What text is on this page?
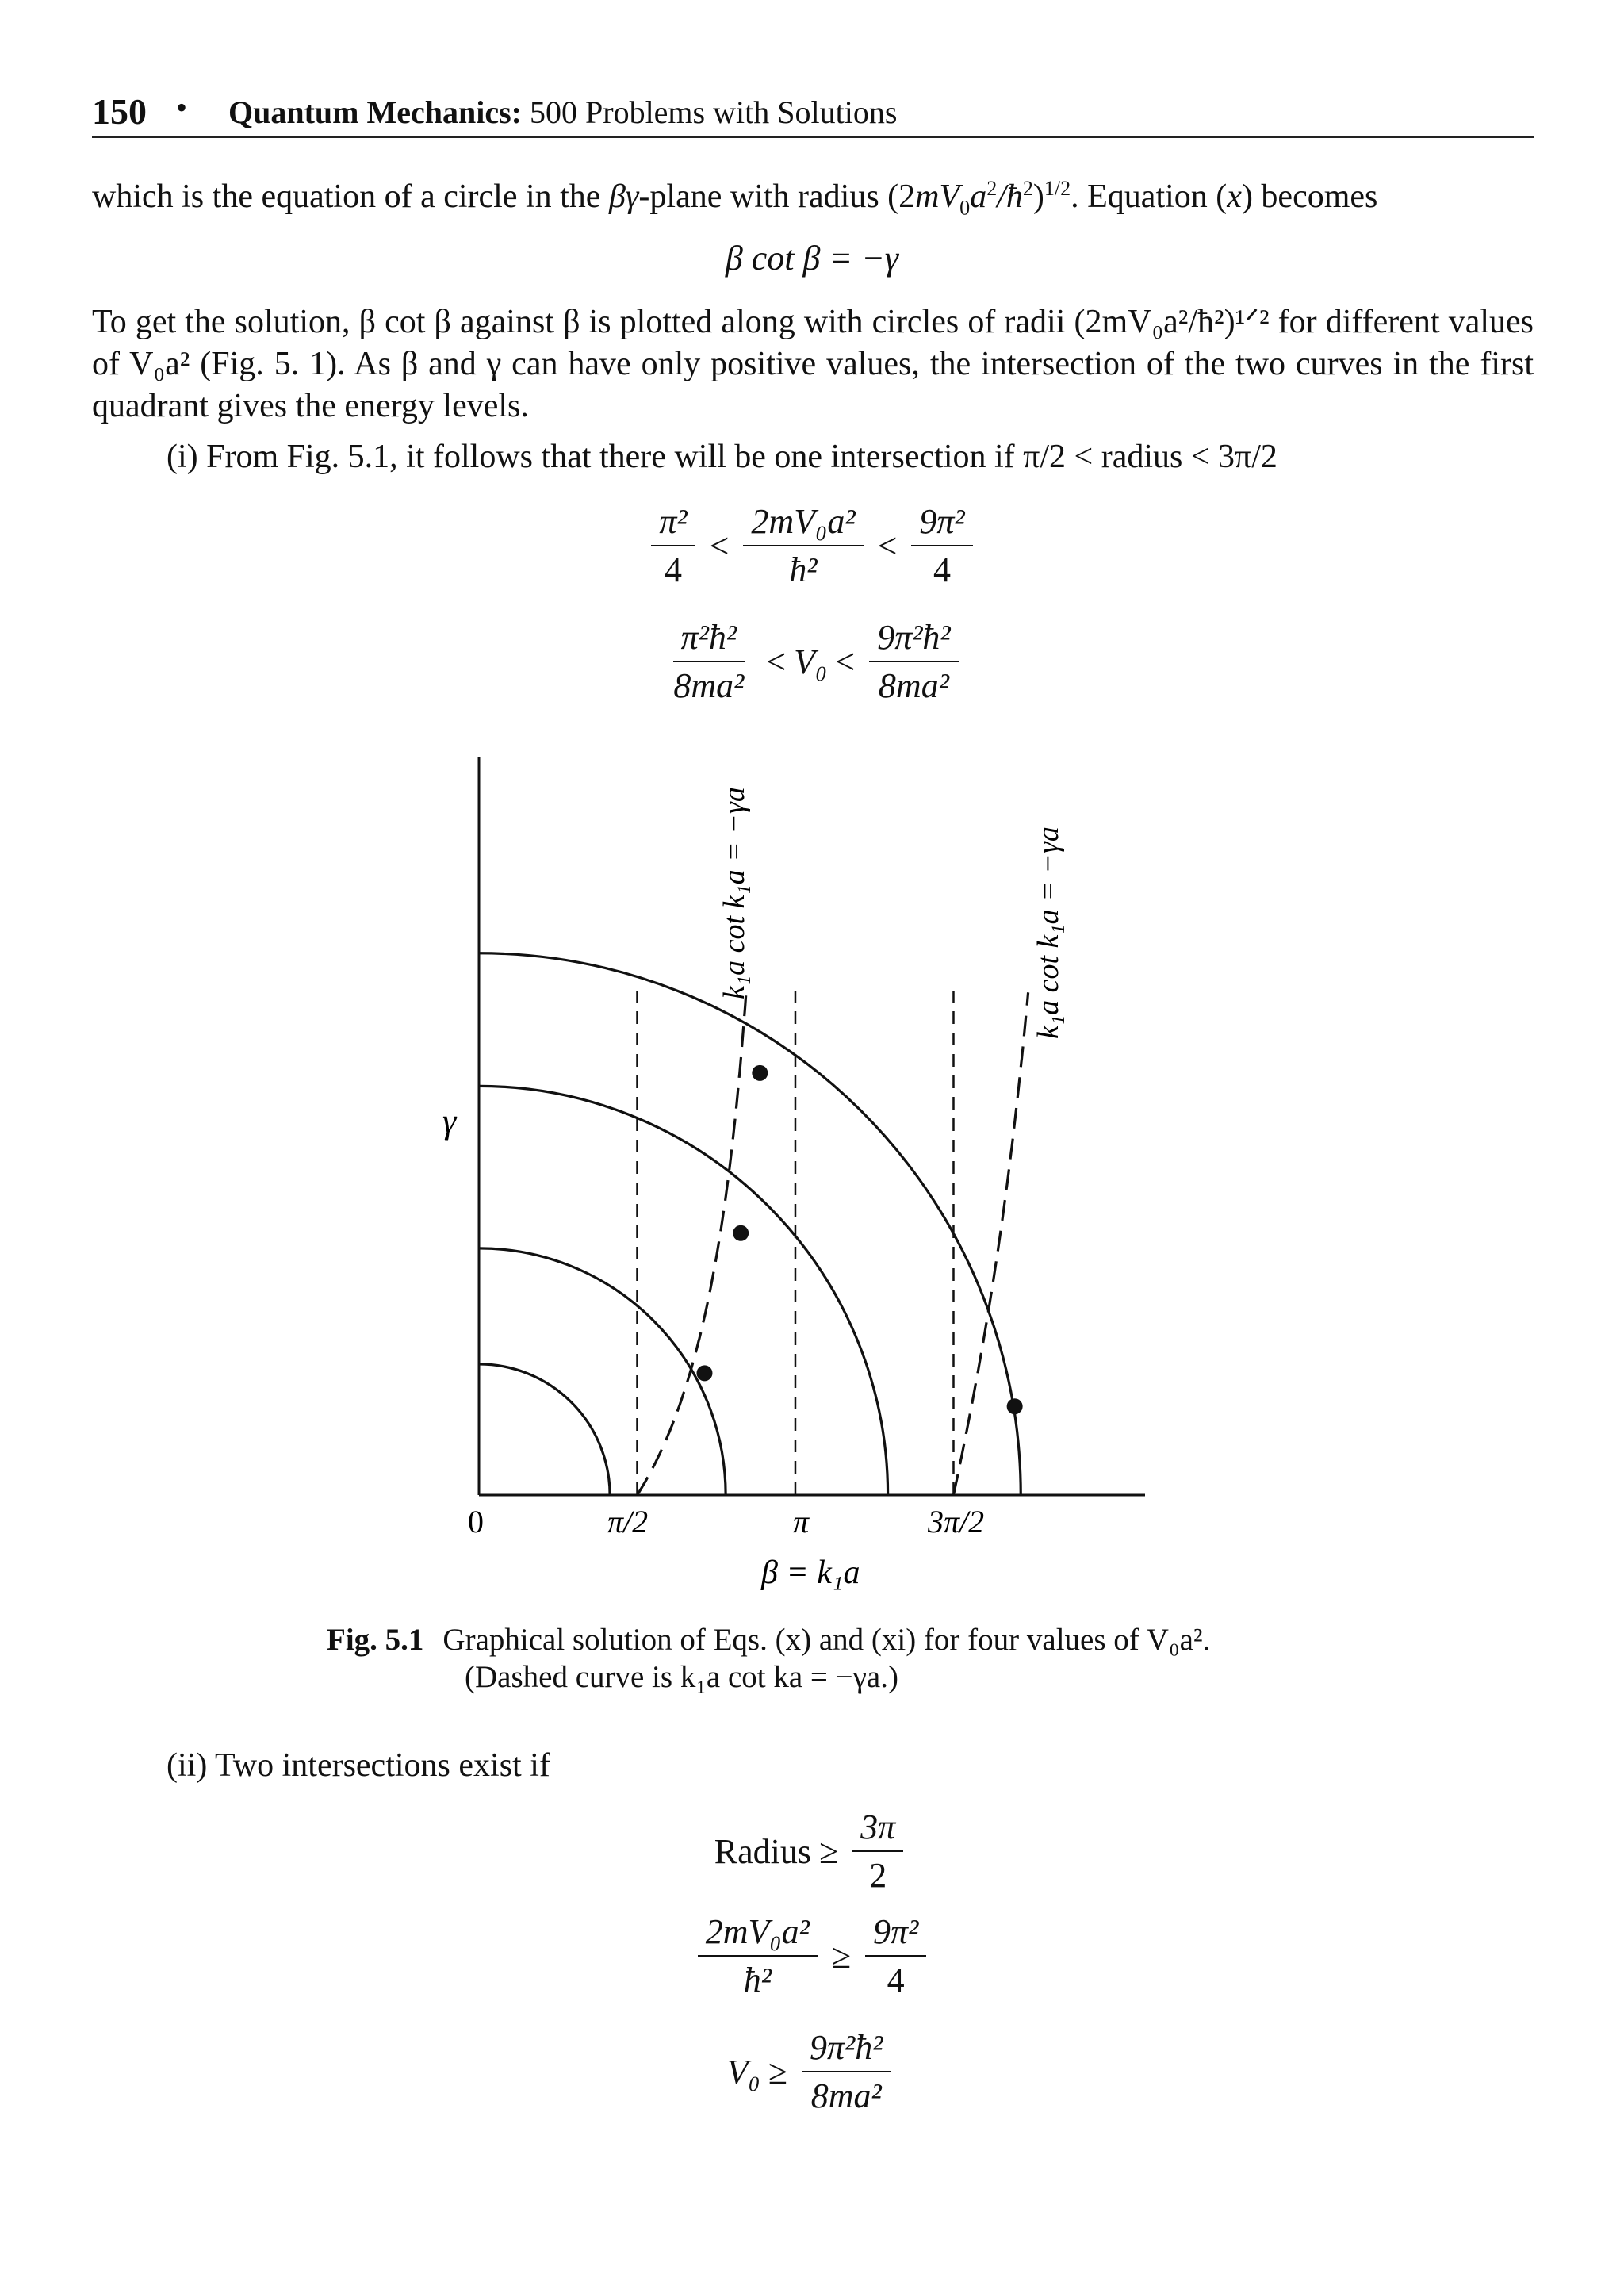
150 • Quantum Mechanics: 500 Problems with Solutions
which is the equation of a circle in the βγ-plane with radius $(2mV_0a^2/ħ^2)^{1/2}$. Equation (x) becomes
β cot β = −γ
To get the solution, β cot β against β is plotted along with circles of radii (2mV₀a²/ħ²)¹ᐟ² for different values of V₀a² (Fig. 5. 1). As β and γ can have only positive values, the intersection of the two curves in the first quadrant gives the energy levels.
(i) From Fig. 5.1, it follows that there will be one intersection if π/2 < radius < 3π/2
$\frac{\text{π²}}{4} < \frac{\text{2mV₀a²}}{\text{ħ²}} < \frac{\text{9π²}}{4}$
$\frac{\text{π²ħ²}}{\text{8ma²}} < V_0 < \frac{\text{9π²ħ²}}{\text{8ma²}}$
γ
0	π/2	π	3π/2
β = k₁a
k₁a cot k₁a = −γa	k₁a cot k₁a = −γa
Fig. 5.1 Graphical solution of Eqs. (x) and (xi) for four values of V₀a².
(Dashed curve is k₁a cot ka = −γa.)
(ii) Two intersections exist if
Radius ≥ $\frac{3\pi}{2}$
$\frac{\text{2mV₀a²}}{\text{ħ²}} \ge \frac{\text{9π²}}{4}$
$V_0 \ge \frac{\text{9π²ħ²}}{\text{8ma²}}$
